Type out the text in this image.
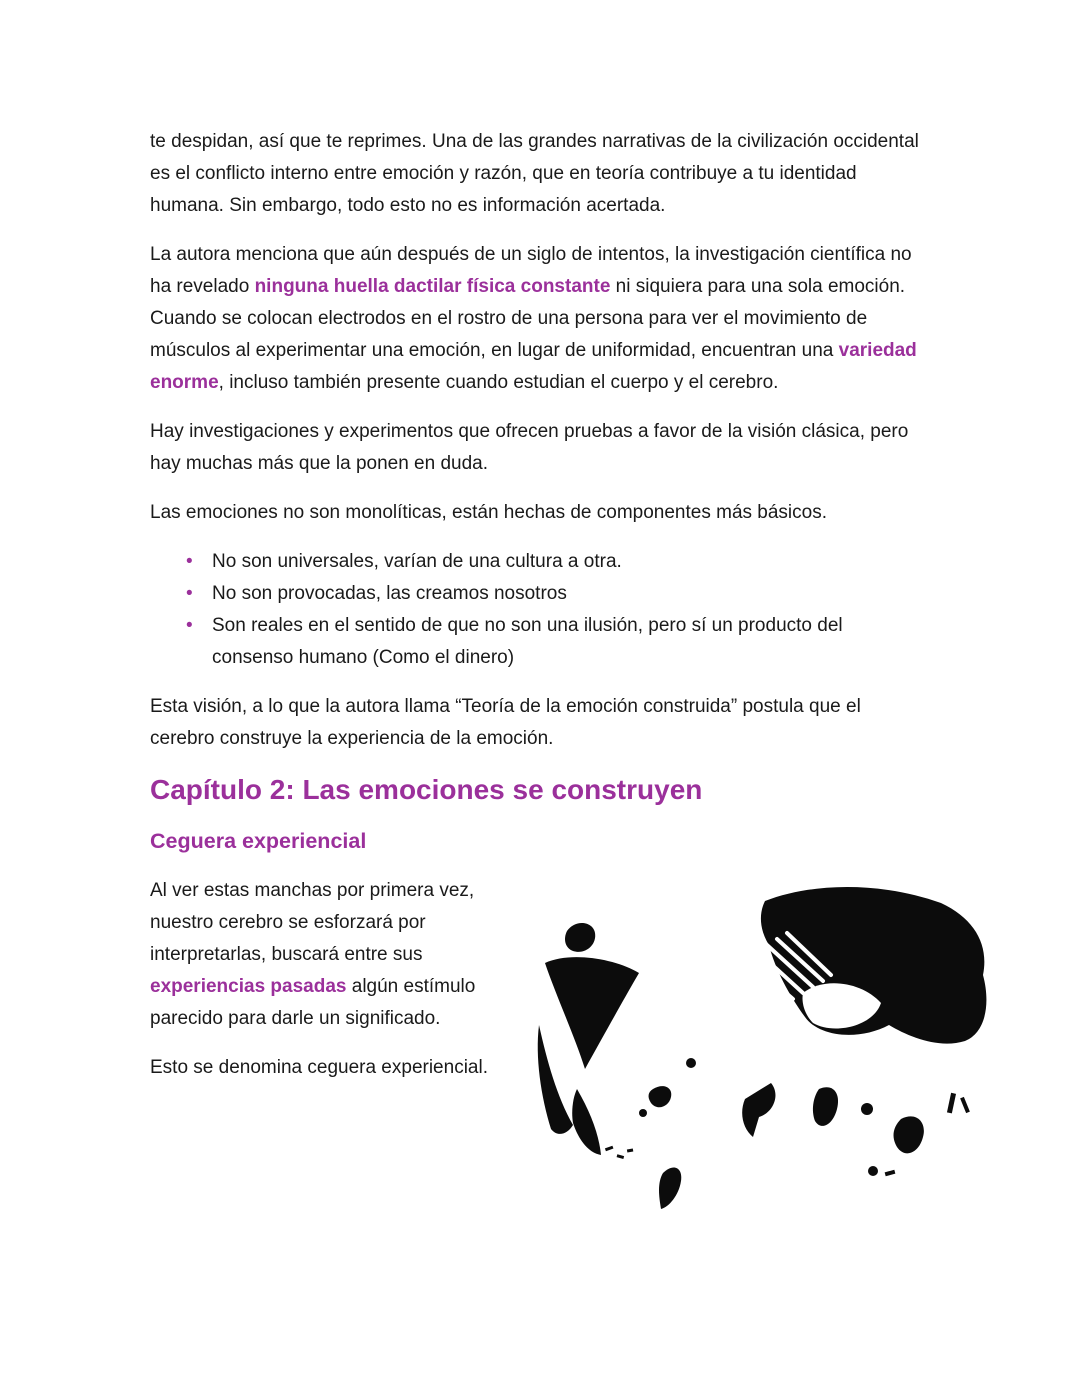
te despidan, así que te reprimes. Una de las grandes narrativas de la civilización occidental es el conflicto interno entre emoción y razón, que en teoría contribuye a tu identidad humana. Sin embargo, todo esto no es información acertada.

La autora menciona que aún después de un siglo de intentos, la investigación científica no ha revelado ninguna huella dactilar física constante ni siquiera para una sola emoción. Cuando se colocan electrodos en el rostro de una persona para ver el movimiento de músculos al experimentar una emoción, en lugar de uniformidad, encuentran una variedad enorme, incluso también presente cuando estudian el cuerpo y el cerebro.

Hay investigaciones y experimentos que ofrecen pruebas a favor de la visión clásica, pero hay muchas más que la ponen en duda.

Las emociones no son monolíticas, están hechas de componentes más básicos.

• No son universales, varían de una cultura a otra.
• No son provocadas, las creamos nosotros
• Son reales en el sentido de que no son una ilusión, pero sí un producto del consenso humano (Como el dinero)

Esta visión, a lo que la autora llama “Teoría de la emoción construida” postula que el cerebro construye la experiencia de la emoción.

Capítulo 2: Las emociones se construyen
Ceguera experiencial

Al ver estas manchas por primera vez, nuestro cerebro se esforzará por interpretarlas, buscará entre sus experiencias pasadas algún estímulo parecido para darle un significado.

Esto se denomina ceguera experiencial.
